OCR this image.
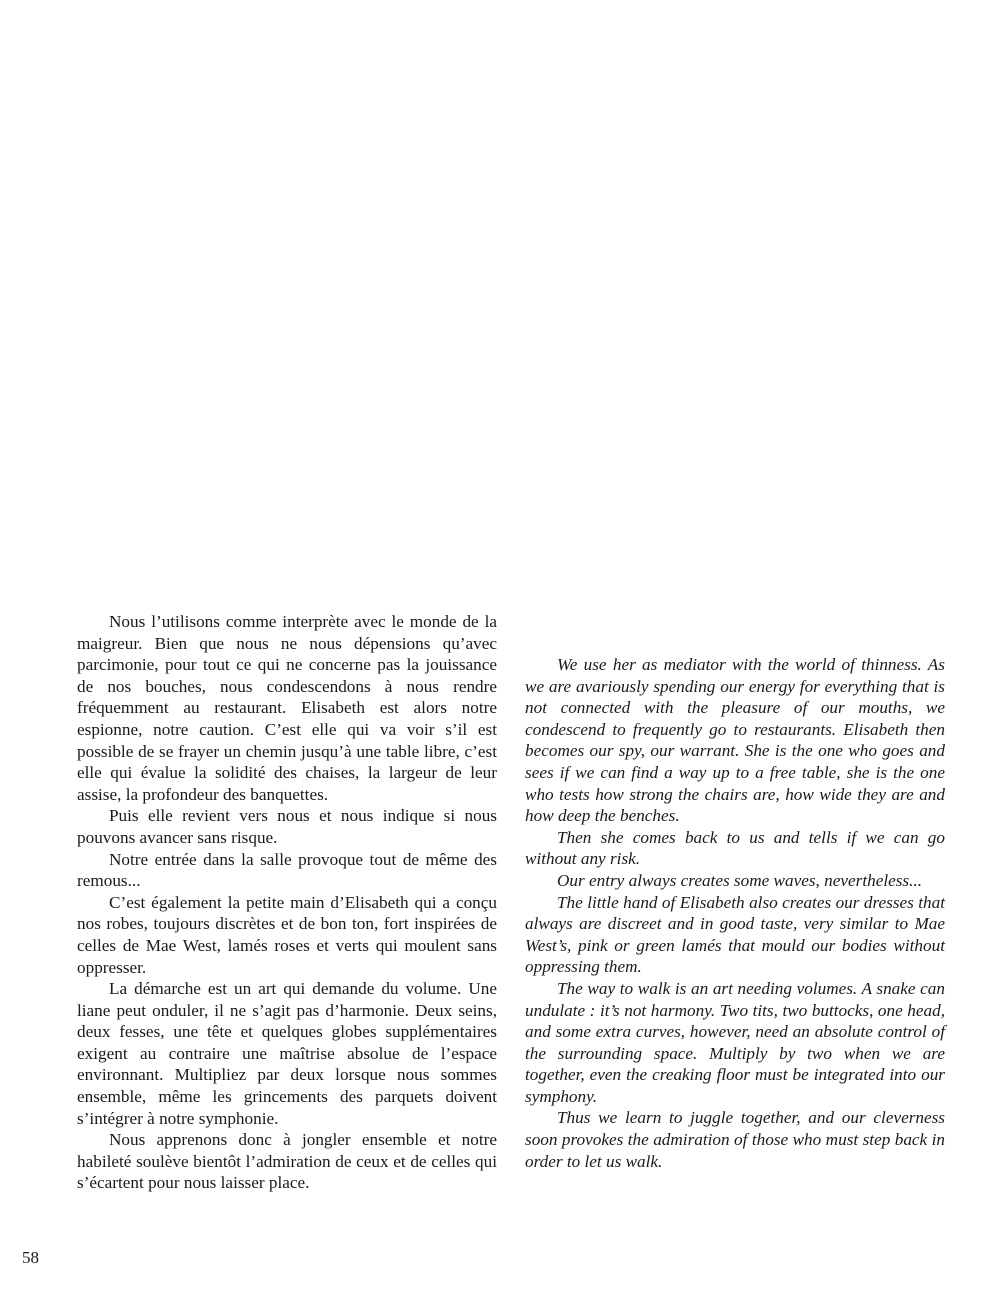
Nous l’utilisons comme interprète avec le monde de la maigreur. Bien que nous ne nous dépensions qu’avec parcimonie, pour tout ce qui ne concerne pas la jouissance de nos bouches, nous condescendons à nous rendre fréquemment au restaurant. Elisabeth est alors notre espionne, notre caution. C’est elle qui va voir s’il est possible de se frayer un chemin jusqu’à une table libre, c’est elle qui évalue la solidité des chaises, la largeur de leur assise, la profondeur des banquettes.

Puis elle revient vers nous et nous indique si nous pouvons avancer sans risque.

Notre entrée dans la salle provoque tout de même des remous...

C’est également la petite main d’Elisabeth qui a conçu nos robes, toujours discrètes et de bon ton, fort inspirées de celles de Mae West, lamés roses et verts qui moulent sans oppresser.

La démarche est un art qui demande du volume. Une liane peut onduler, il ne s’agit pas d’harmonie. Deux seins, deux fesses, une tête et quelques globes supplémentaires exigent au contraire une maîtrise absolue de l’espace environnant. Multipliez par deux lorsque nous sommes ensemble, même les grincements des parquets doivent s’intégrer à notre symphonie.

Nous apprenons donc à jongler ensemble et notre habileté soulève bientôt l’admiration de ceux et de celles qui s’écartent pour nous laisser place.

We use her as mediator with the world of thinness. As we are avariously spending our energy for everything that is not connected with the pleasure of our mouths, we condescend to frequently go to restaurants. Elisabeth then becomes our spy, our warrant. She is the one who goes and sees if we can find a way up to a free table, she is the one who tests how strong the chairs are, how wide they are and how deep the benches.

Then she comes back to us and tells if we can go without any risk.

Our entry always creates some waves, nevertheless...

The little hand of Elisabeth also creates our dresses that always are discreet and in good taste, very similar to Mae West’s, pink or green lamés that mould our bodies without oppressing them.

The way to walk is an art needing volumes. A snake can undulate : it’s not harmony. Two tits, two buttocks, one head, and some extra curves, however, need an absolute control of the surrounding space. Multiply by two when we are together, even the creaking floor must be integrated into our symphony.

Thus we learn to juggle together, and our cleverness soon provokes the admiration of those who must step back in order to let us walk.

58
